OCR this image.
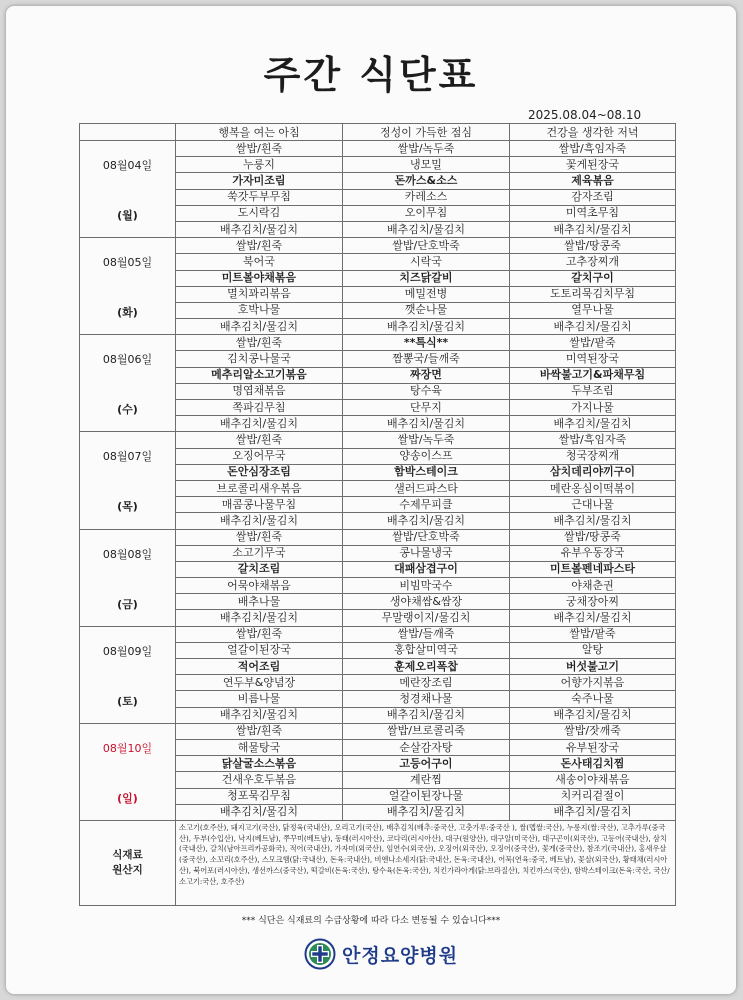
주간 식단표
2025.08.04~08.10
	행복을 여는 아침	정성이 가득한 점심	건강을 생각한 저녁

08월04일
(월)	쌀밥/흰죽	쌀밥/녹두죽	쌀밥/흑임자죽
	누룽지	냉모밀	꽃게된장국
	가자미조림	돈까스&소스	제육볶음
	쑥갓두부무침	카레소스	감자조림
	도시락김	오이무침	미역초무침
	배추김치/물김치	배추김치/물김치	배추김치/물김치

08월05일
(화)	쌀밥/흰죽	쌀밥/단호박죽	쌀밥/땅콩죽
	북어국	시락국	고추장찌개
	미트볼야채볶음	치즈닭갈비	갈치구이
	멸치꽈리볶음	메밀전병	도토리묵김치무침
	호박나물	깻순나물	열무나물
	배추김치/물김치	배추김치/물김치	배추김치/물김치

08월06일
(수)	쌀밥/흰죽	**특식**	쌀밥/팥죽
	김치콩나물국	짬뽕국/들깨죽	미역된장국
	메추리알소고기볶음	짜장면	바싹불고기&파채무침
	명엽채볶음	탕수육	두부조림
	쪽파김무침	단무지	가지나물
	배추김치/물김치	배추김치/물김치	배추김치/물김치

08월07일
(목)	쌀밥/흰죽	쌀밥/녹두죽	쌀밥/흑임자죽
	오징어무국	양송이스프	청국장찌개
	돈안심장조림	함박스테이크	삼치데리야끼구이
	브로콜리새우볶음	샐러드파스타	메란옹심이떡볶이
	매콤콩나물무침	수제무피클	근대나물
	배추김치/물김치	배추김치/물김치	배추김치/물김치

08월08일
(금)	쌀밥/흰죽	쌀밥/단호박죽	쌀밥/땅콩죽
	소고기무국	콩나물냉국	유부우동장국
	갈치조림	대패삼겹구이	미트볼펜네파스타
	어묵야채볶음	비빔막국수	야채춘권
	배추나물	생야채쌈&쌈장	궁채장아찌
	배추김치/물김치	무말랭이지/물김치	배추김치/물김치

08월09일
(토)	쌀밥/흰죽	쌀밥/들깨죽	쌀밥/팥죽
	얼갈이된장국	홍합살미역국	알탕
	적어조림	훈제오리폭찹	버섯불고기
	연두부&양념장	메란장조림	어향가지볶음
	비름나물	청경채나물	숙주나물
	배추김치/물김치	배추김치/물김치	배추김치/물김치

08월10일
(일)	쌀밥/흰죽	쌀밥/브로콜리죽	쌀밥/잣깨죽
	해물탕국	순살감자탕	유부된장국
	닭살굴소스볶음	고등어구이	돈사태김치찜
	건새우호두볶음	계란찜	새송이야채볶음
	청포묵김무침	얼갈이된장나물	치커리겉절이
	배추김치/물김치	배추김치/물김치	배추김치/물김치

식재료
원산지	소고기(호주산), 돼지고기(국산), 닭정육(국내산), 오리고기(국산), 배추김치(배추:중국산, 고춧가루:중국산 ), 쌀(멥쌀:국산), 누룽지(쌀:국산), 고추가루(중국산), 두부(수입산), 낙지(베트남), 쭈꾸미(베트남), 동태(러시아산), 코다리(러시아산), 대구(원양산), 대구알(미국산), 대구곤이(외국산), 고등어(국내산), 삼치(국내산), 갈치(남아프리카공화국), 적어(국내산), 가자미(외국산), 임연수(외국산), 오징어(외국산), 오징어(중국산), 꽃게(중국산), 참조기(국내산), 홍새우살(중국산), 소꼬리(호주산), 스모크햄(닭:국내산), 돈육:국내산), 비엔나소세지(닭:국내산, 돈육:국내산), 어묵(연육:중국, 베트남), 꽃살(외국산), 황태채(러시아산), 북어포(러시아산), 생선까스(중국산), 떡갈비(돈육:국산), 탕수육(돈육:국산), 치킨가라아게(닭:브라질산), 치킨까스(국산), 함박스테이크(돈육:국산, 국산/소고기:국산, 호주산)		
*** 식단은 식재료의 수급상황에 따라 다소 변동될 수 있습니다***
안정요양병원
